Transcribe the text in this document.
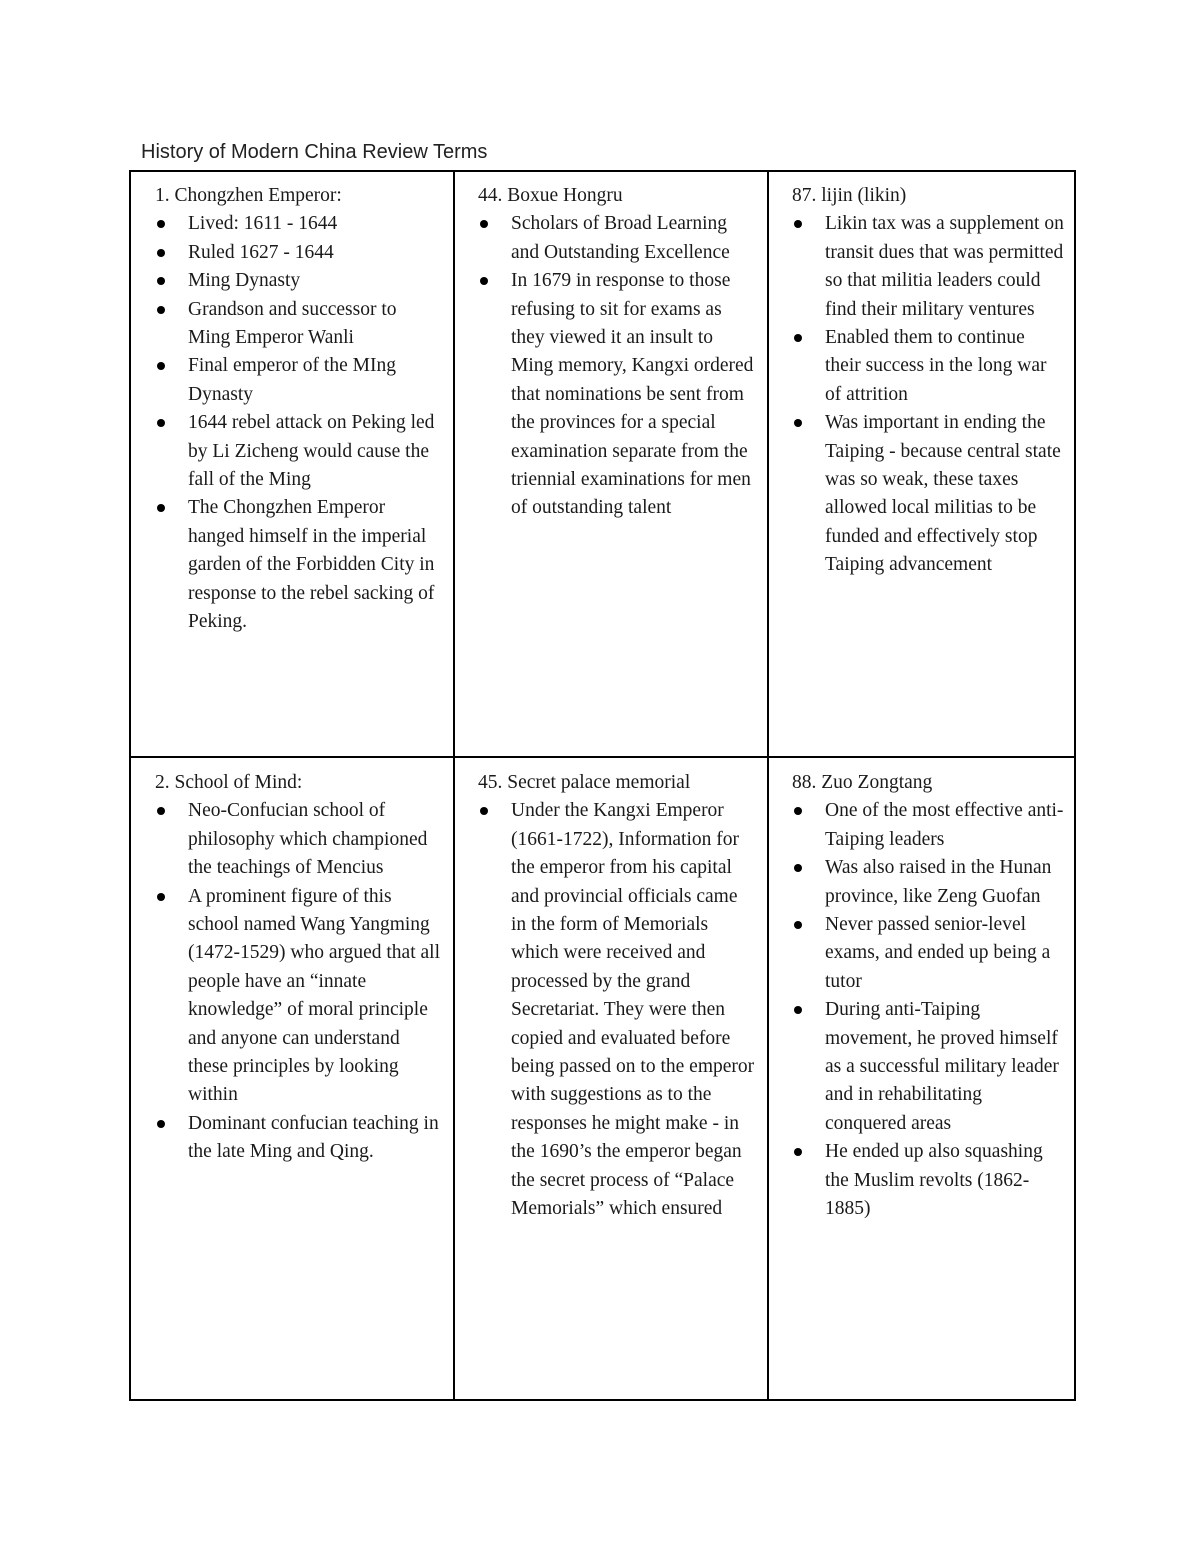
History of Modern China Review Terms

1. Chongzhen Emperor:

Lived: 1611 - 1644
Ruled 1627 - 1644
Ming Dynasty
Grandson and successor to Ming Emperor Wanli
Final emperor of the MIng Dynasty
1644 rebel attack on Peking led by Li Zicheng would cause the fall of the Ming
The Chongzhen Emperor hanged himself in the imperial garden of the Forbidden City in response to the rebel sacking of Peking.

44. Boxue Hongru

Scholars of Broad Learning and Outstanding Excellence
In 1679 in response to those refusing to sit for exams as they viewed it an insult to Ming memory, Kangxi ordered that nominations be sent from the provinces for a special examination separate from the triennial examinations for men of outstanding talent

87. lijin (likin)

Likin tax was a supplement on transit dues that was permitted so that militia leaders could find their military ventures
Enabled them to continue their success in the long war of attrition
Was important in ending the Taiping - because central state was so weak, these taxes allowed local militias to be funded and effectively stop Taiping advancement

2. School of Mind:

Neo-Confucian school of philosophy which championed the teachings of Mencius
A prominent figure of this school named Wang Yangming (1472-1529) who argued that all people have an “innate knowledge” of moral principle and anyone can understand these principles by looking within
Dominant confucian teaching in the late Ming and Qing.

45. Secret palace memorial

Under the Kangxi Emperor (1661-1722), Information for the emperor from his capital and provincial officials came in the form of Memorials which were received and processed by the grand Secretariat. They were then copied and evaluated before being passed on to the emperor with suggestions as to the responses he might make - in the 1690’s the emperor began the secret process of “Palace Memorials” which ensured

88. Zuo Zongtang

One of the most effective anti-Taiping leaders
Was also raised in the Hunan province, like Zeng Guofan
Never passed senior-level exams, and ended up being a tutor
During anti-Taiping movement, he proved himself as a successful military leader and in rehabilitating conquered areas
He ended up also squashing the Muslim revolts (1862-1885)
